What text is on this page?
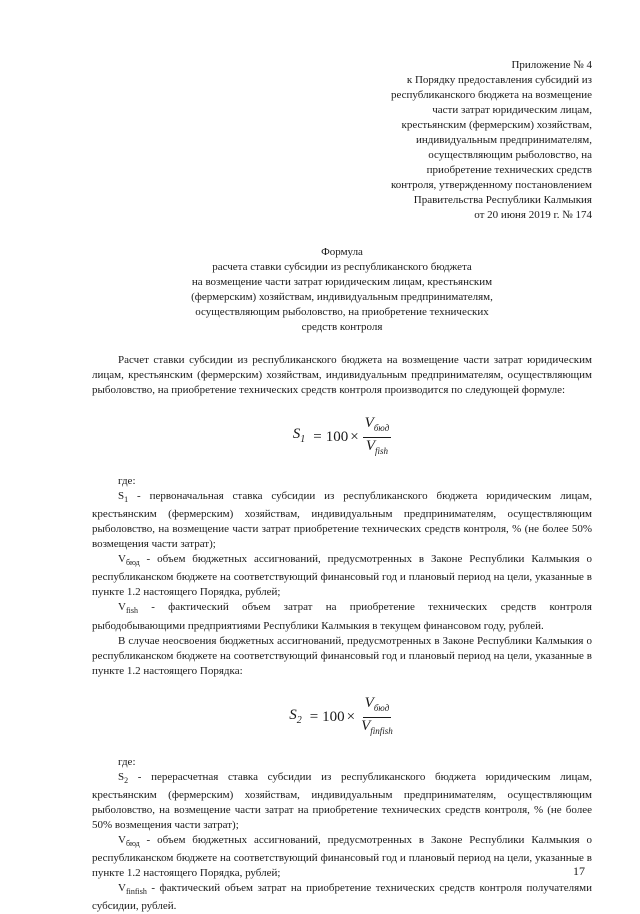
Приложение № 4
к Порядку предоставления субсидий из
республиканского бюджета на возмещение
части затрат юридическим лицам,
крестьянским (фермерским) хозяйствам,
индивидуальным предпринимателям,
осуществляющим рыболовство, на
приобретение технических средств
контроля, утвержденному постановлением
Правительства Республики Калмыкия
от 20 июня 2019 г. № 174
Формула
расчета ставки субсидии из республиканского бюджета
на возмещение части затрат юридическим лицам, крестьянским
(фермерским) хозяйствам, индивидуальным предпринимателям,
осуществляющим рыболовство, на приобретение технических
средств контроля

Расчет ставки субсидии из республиканского бюджета на возмещение части затрат юридическим лицам, крестьянским (фермерским) хозяйствам, индивидуальным предпринимателям, осуществляющим рыболовство, на приобретение технических средств контроля производится по следующей формуле:

$S_1 = 100 \times \frac{V_{бюд}}{V_{fish}}$

где:

$S_1$ - первоначальная ставка субсидии из республиканского бюджета юридическим лицам, крестьянским (фермерским) хозяйствам, индивидуальным предпринимателям, осуществляющим рыболовство, на возмещение части затрат приобретение технических средств контроля, % (не более 50% возмещения части затрат);

$V_{бюд}$ - объем бюджетных ассигнований, предусмотренных в Законе Республики Калмыкия о республиканском бюджете на соответствующий финансовый год и плановый период на цели, указанные в пункте 1.2 настоящего Порядка, рублей;

$V_{fish}$ - фактический объем затрат на приобретение технических средств контроля рыбодобывающими предприятиями Республики Калмыкия в текущем финансовом году, рублей.

В случае неосвоения бюджетных ассигнований, предусмотренных в Законе Республики Калмыкия о республиканском бюджете на соответствующий финансовый год и плановый период на цели, указанные в пункте 1.2 настоящего Порядка:

$S_2 = 100 \times \frac{V_{бюд}}{V_{finfish}}$

где:

$S_2$ - перерасчетная ставка субсидии из республиканского бюджета юридическим лицам, крестьянским (фермерским) хозяйствам, индивидуальным предпринимателям, осуществляющим рыболовство, на возмещение части затрат на приобретение технических средств контроля, % (не более 50% возмещения части затрат);

$V_{бюд}$ - объем бюджетных ассигнований, предусмотренных в Законе Республики Калмыкия о республиканском бюджете на соответствующий финансовый год и плановый период на цели, указанные в пункте 1.2 настоящего Порядка, рублей;

$V_{finfish}$ - фактический объем затрат на приобретение технических средств контроля получателями субсидии, рублей.

17
